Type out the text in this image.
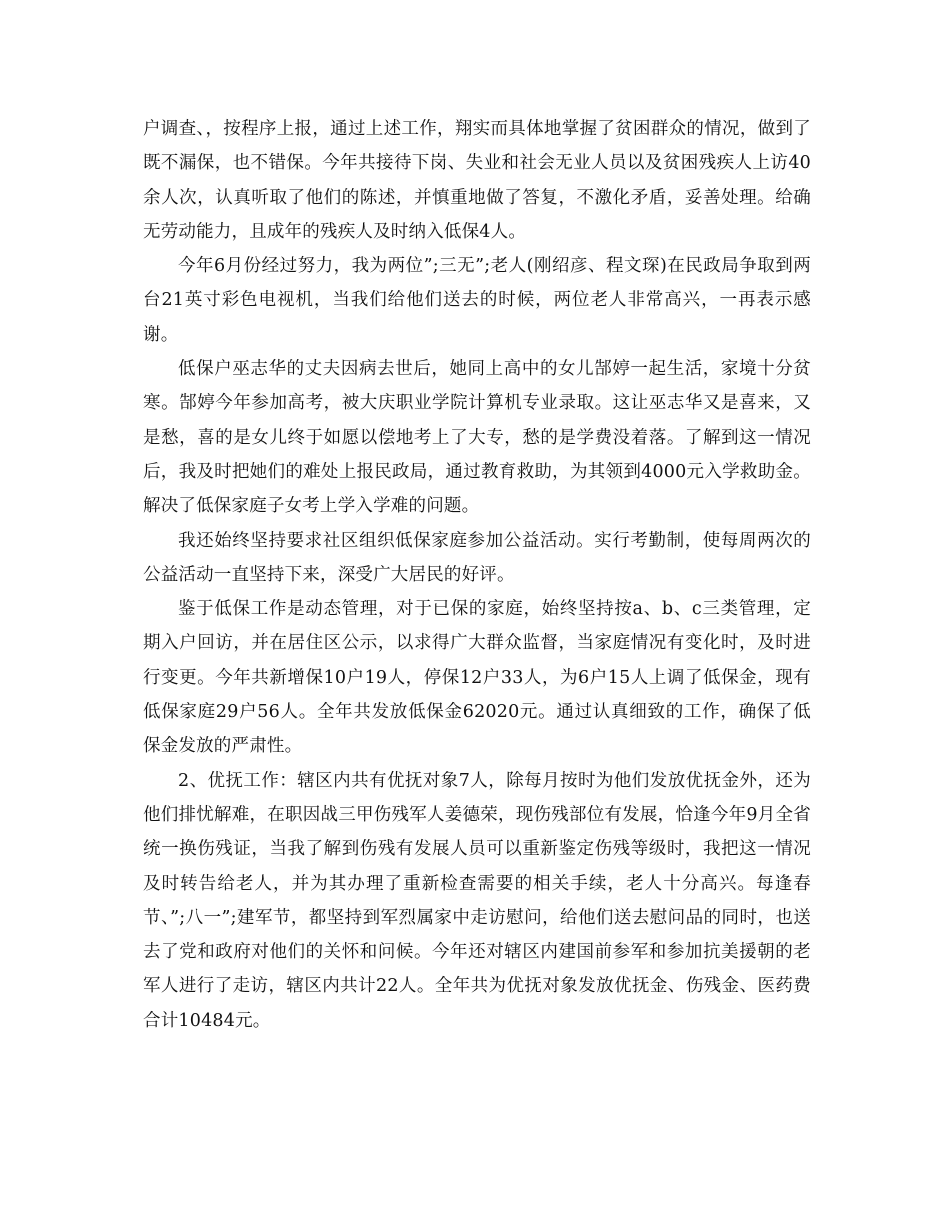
户调查、，按程序上报，通过上述工作，翔实而具体地掌握了贫困群众的情况，做到了既不漏保，也不错保。今年共接待下岗、失业和社会无业人员以及贫困残疾人上访40余人次，认真听取了他们的陈述，并慎重地做了答复，不激化矛盾，妥善处理。给确无劳动能力，且成年的残疾人及时纳入低保4人。

今年6月份经过努力，我为两位”;三无”;老人(刚绍彦、程文琛)在民政局争取到两台21英寸彩色电视机，当我们给他们送去的时候，两位老人非常高兴，一再表示感谢。

低保户巫志华的丈夫因病去世后，她同上高中的女儿郜婷一起生活，家境十分贫寒。郜婷今年参加高考，被大庆职业学院计算机专业录取。这让巫志华又是喜来，又是愁，喜的是女儿终于如愿以偿地考上了大专，愁的是学费没着落。了解到这一情况后，我及时把她们的难处上报民政局，通过教育救助，为其领到4000元入学救助金。解决了低保家庭子女考上学入学难的问题。

我还始终坚持要求社区组织低保家庭参加公益活动。实行考勤制，使每周两次的公益活动一直坚持下来，深受广大居民的好评。

鉴于低保工作是动态管理，对于已保的家庭，始终坚持按a、b、c三类管理，定期入户回访，并在居住区公示，以求得广大群众监督，当家庭情况有变化时，及时进行变更。今年共新增保10户19人，停保12户33人，为6户15人上调了低保金，现有低保家庭29户56人。全年共发放低保金62020元。通过认真细致的工作，确保了低保金发放的严肃性。

2、优抚工作：辖区内共有优抚对象7人，除每月按时为他们发放优抚金外，还为他们排忧解难，在职因战三甲伤残军人姜德荣，现伤残部位有发展，恰逢今年9月全省统一换伤残证，当我了解到伤残有发展人员可以重新鉴定伤残等级时，我把这一情况及时转告给老人，并为其办理了重新检查需要的相关手续，老人十分高兴。每逢春节、”;八一”;建军节，都坚持到军烈属家中走访慰问，给他们送去慰问品的同时，也送去了党和政府对他们的关怀和问候。今年还对辖区内建国前参军和参加抗美援朝的老军人进行了走访，辖区内共计22人。全年共为优抚对象发放优抚金、伤残金、医药费合计10484元。
